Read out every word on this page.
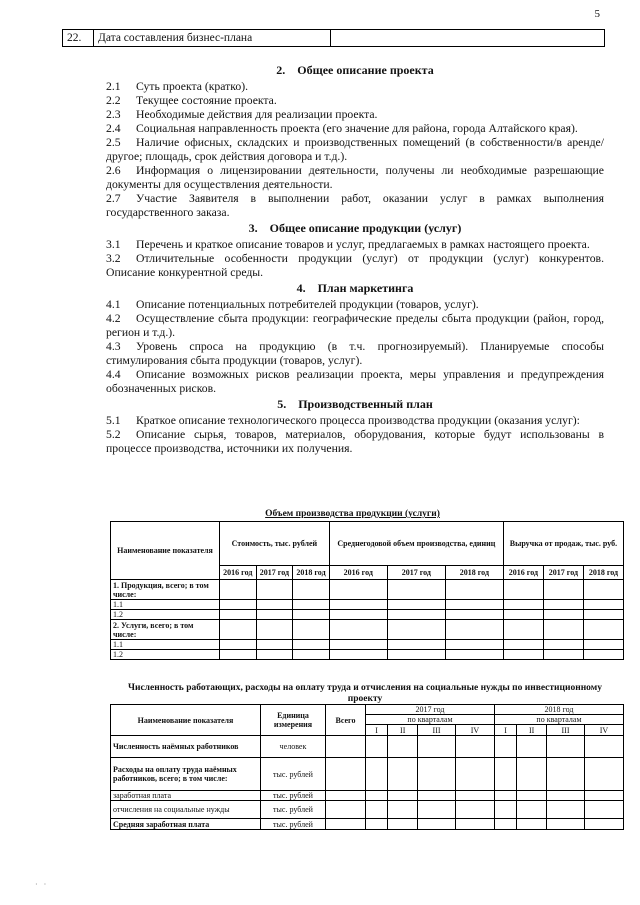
5
22.	Дата составления бизнес-плана	
2. Общее описание проекта

2.1 Суть проекта (кратко).

2.2 Текущее состояние проекта.

2.3 Необходимые действия для реализации проекта.

2.4 Социальная направленность проекта (его значение для района, города Алтайского края).

2.5 Наличие офисных, складских и производственных помещений (в собственности/в аренде/другое; площадь, срок действия договора и т.д.).

2.6 Информация о лицензировании деятельности, получены ли необходимые разрешающие документы для осуществления деятельности.

2.7 Участие Заявителя в выполнении работ, оказании услуг в рамках выполнения государственного заказа.

3. Общее описание продукции (услуг)

3.1 Перечень и краткое описание товаров и услуг, предлагаемых в рамках настоящего проекта.

3.2 Отличительные особенности продукции (услуг) от продукции (услуг) конкурентов. Описание конкурентной среды.

4. План маркетинга

4.1 Описание потенциальных потребителей продукции (товаров, услуг).

4.2 Осуществление сбыта продукции: географические пределы сбыта продукции (район, город, регион и т.д.).

4.3 Уровень спроса на продукцию (в т.ч. прогнозируемый). Планируемые способы стимулирования сбыта продукции (товаров, услуг).

4.4 Описание возможных рисков реализации проекта, меры управления и предупреждения обозначенных рисков.

5. Производственный план

5.1 Краткое описание технологического процесса производства продукции (оказания услуг):

5.2 Описание сырья, товаров, материалов, оборудования, которые будут использованы в процессе производства, источники их получения.

· ·
Объем производства продукции (услуги)
Наименование показателя	Стоимость, тыс. рублей			Среднегодовой объем производства, единиц			Выручка от продаж, тыс. руб.		
	2016 год	2017 год	2018 год	2016 год	2017 год	2018 год	2016 год	2017 год	2018 год
1. Продукция, всего; в том числе:									
1.1									
1.2									
2. Услуги, всего; в том числе:									
1.1									
1.2									
Численность работающих, расходы на оплату труда и отчисления на социальные нужды по инвестиционному проекту
Наименование показателя	Единица измерения	Всего	2017 год				2018 год			
			по кварталам				по кварталам			
			I	II	III	IV	I	II	III	IV
Численность наёмных работников	человек									
Расходы на оплату труда наёмных работников, всего; в том числе:	тыс. рублей									
заработная плата	тыс. рублей									
отчисления на социальные нужды	тыс. рублей									
Средняя заработная плата	тыс. рублей									
